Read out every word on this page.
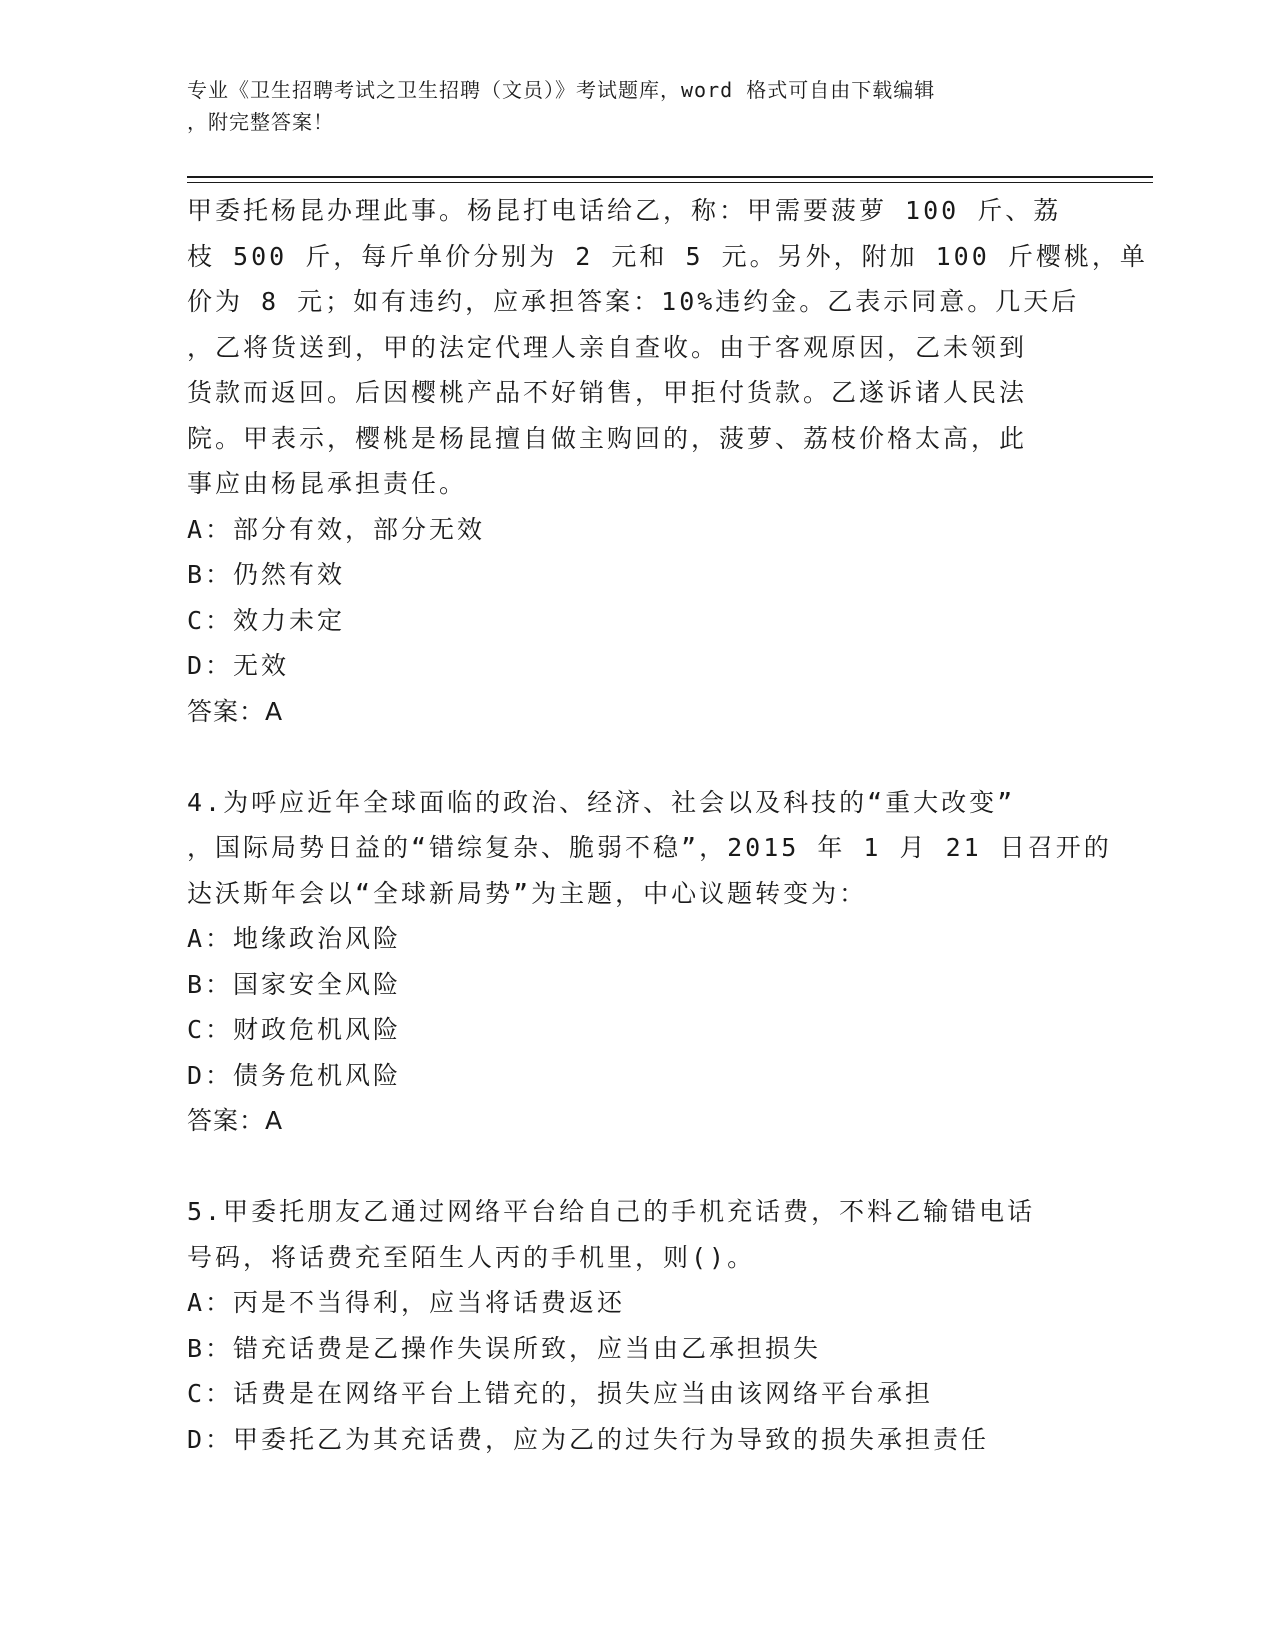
专业《卫生招聘考试之卫生招聘（文员）》考试题库，word 格式可自由下载编辑
，附完整答案！
甲委托杨昆办理此事。杨昆打电话给乙，称：甲需要菠萝 100 斤、荔
枝 500 斤，每斤单价分别为 2 元和 5 元。另外，附加 100 斤樱桃，单
价为 8 元；如有违约，应承担答案：10%违约金。乙表示同意。几天后
，乙将货送到，甲的法定代理人亲自查收。由于客观原因，乙未领到
货款而返回。后因樱桃产品不好销售，甲拒付货款。乙遂诉诸人民法
院。甲表示，樱桃是杨昆擅自做主购回的，菠萝、荔枝价格太高，此
事应由杨昆承担责任。
A：部分有效，部分无效
B：仍然有效
C：效力未定
D：无效
答案：A
4.为呼应近年全球面临的政治、经济、社会以及科技的“重大改变”
，国际局势日益的“错综复杂、脆弱不稳”，2015 年 1 月 21 日召开的
达沃斯年会以“全球新局势”为主题，中心议题转变为：
A：地缘政治风险
B：国家安全风险
C：财政危机风险
D：债务危机风险
答案：A
5.甲委托朋友乙通过网络平台给自己的手机充话费，不料乙输错电话
号码，将话费充至陌生人丙的手机里，则()。
A：丙是不当得利，应当将话费返还
B：错充话费是乙操作失误所致，应当由乙承担损失
C：话费是在网络平台上错充的，损失应当由该网络平台承担
D：甲委托乙为其充话费，应为乙的过失行为导致的损失承担责任
